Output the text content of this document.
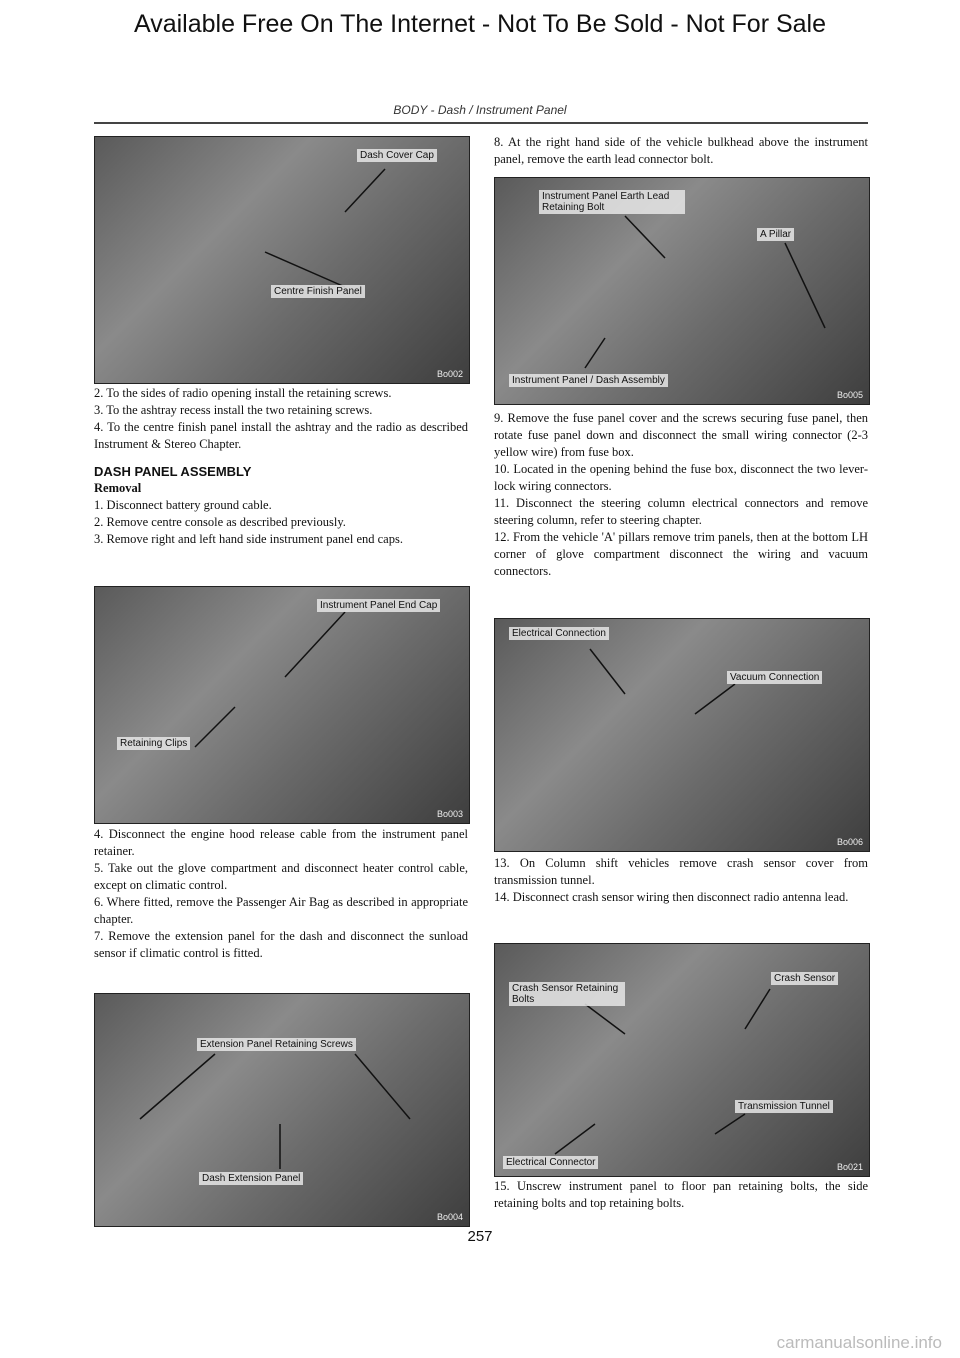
Available Free On The Internet - Not To Be Sold - Not For Sale
BODY - Dash / Instrument Panel
Dash Cover Cap
Centre Finish Panel
Bo002

2. To the sides of radio opening install the retaining screws.

3. To the ashtray recess install the two retaining screws.

4. To the centre finish panel install the ashtray and the radio as described Instrument & Stereo Chapter.

DASH PANEL ASSEMBLY

Removal

1. Disconnect battery ground cable.

2. Remove centre console as described previously.

3. Remove right and left hand side instrument panel end caps.

Instrument Panel End Cap
Retaining Clips
Bo003

4. Disconnect the engine hood release cable from the instrument panel retainer.

5. Take out the glove compartment and disconnect heater control cable, except on climatic control.

6. Where fitted, remove the Passenger Air Bag as described in appropriate chapter.

7. Remove the extension panel for the dash and disconnect the sunload sensor if climatic control is fitted.

Extension Panel Retaining Screws
Dash Extension Panel
Bo004

8. At the right hand side of the vehicle bulkhead above the instrument panel, remove the earth lead connector bolt.

Instrument Panel Earth Lead Retaining Bolt
A Pillar
Instrument Panel / Dash Assembly
Bo005

9. Remove the fuse panel cover and the screws securing fuse panel, then rotate fuse panel down and disconnect the small wiring connector (2-3 yellow wire) from fuse box.

10. Located in the opening behind the fuse box, disconnect the two lever-lock wiring connectors.

11. Disconnect the steering column electrical connectors and remove steering column, refer to steering chapter.

12. From the vehicle 'A' pillars remove trim panels, then at the bottom LH corner of glove compartment disconnect the wiring and vacuum connectors.

Electrical Connection
Vacuum Connection
Bo006

13. On Column shift vehicles remove crash sensor cover from transmission tunnel.

14. Disconnect crash sensor wiring then disconnect radio antenna lead.

Crash Sensor
Crash Sensor Retaining Bolts
Transmission Tunnel
Electrical Connector	Bo021

15. Unscrew instrument panel to floor pan retaining bolts, the side retaining bolts and top retaining bolts.

257
carmanualsonline.info
